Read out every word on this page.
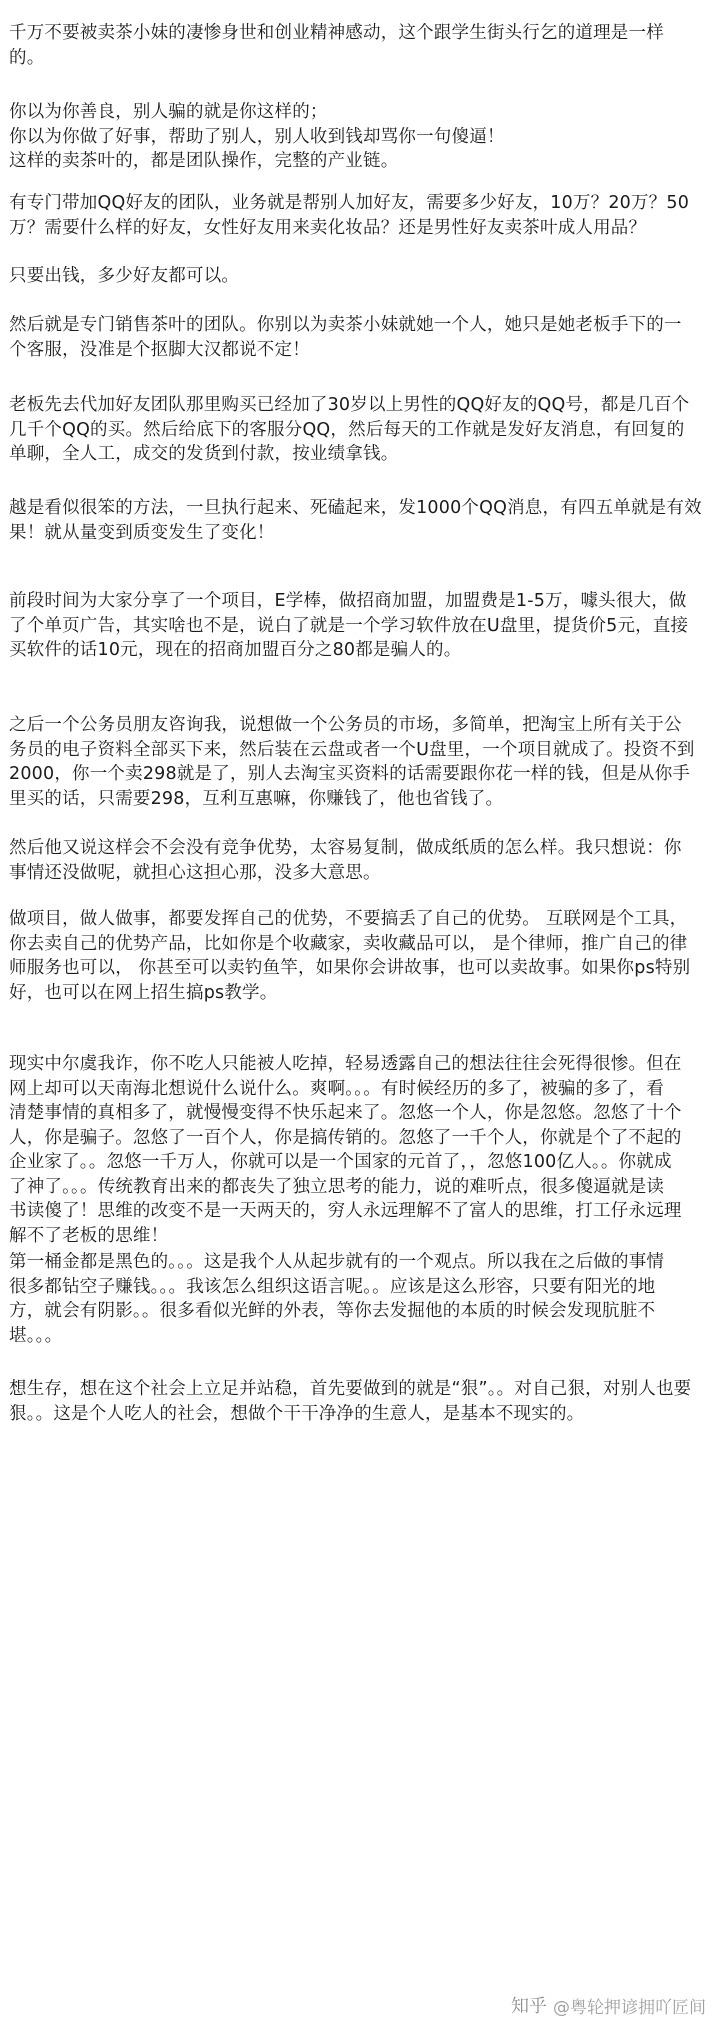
千万不要被卖茶小妹的凄惨身世和创业精神感动，这个跟学生街头行乞的道理是一样
的。
你以为你善良，别人骗的就是你这样的；
你以为你做了好事，帮助了别人，别人收到钱却骂你一句傻逼！
这样的卖茶叶的，都是团队操作，完整的产业链。
有专门带加QQ好友的团队，业务就是帮别人加好友，需要多少好友，10万？20万？50
万？需要什么样的好友，女性好友用来卖化妆品？还是男性好友卖茶叶成人用品？
只要出钱，多少好友都可以。
然后就是专门销售茶叶的团队。你别以为卖茶小妹就她一个人，她只是她老板手下的一
个客服，没准是个抠脚大汉都说不定！
老板先去代加好友团队那里购买已经加了30岁以上男性的QQ好友的QQ号，都是几百个
几千个QQ的买。然后给底下的客服分QQ，然后每天的工作就是发好友消息，有回复的
单聊，全人工，成交的发货到付款，按业绩拿钱。
越是看似很笨的方法，一旦执行起来、死磕起来，发1000个QQ消息，有四五单就是有效
果！就从量变到质变发生了变化！
前段时间为大家分享了一个项目，E学棒，做招商加盟，加盟费是1-5万，噱头很大，做
了个单页广告，其实啥也不是，说白了就是一个学习软件放在U盘里，提货价5元，直接
买软件的话10元，现在的招商加盟百分之80都是骗人的。
之后一个公务员朋友咨询我，说想做一个公务员的市场，多简单，把淘宝上所有关于公
务员的电子资料全部买下来，然后装在云盘或者一个U盘里，一个项目就成了。投资不到
2000，你一个卖298就是了，别人去淘宝买资料的话需要跟你花一样的钱，但是从你手
里买的话，只需要298，互利互惠嘛，你赚钱了，他也省钱了。
然后他又说这样会不会没有竞争优势，太容易复制，做成纸质的怎么样。我只想说：你
事情还没做呢，就担心这担心那，没多大意思。
做项目，做人做事，都要发挥自己的优势，不要搞丢了自己的优势。 互联网是个工具，
你去卖自己的优势产品，比如你是个收藏家，卖收藏品可以， 是个律师，推广自己的律
师服务也可以， 你甚至可以卖钓鱼竿，如果你会讲故事，也可以卖故事。如果你ps特别
好，也可以在网上招生搞ps教学。
现实中尔虞我诈，你不吃人只能被人吃掉，轻易透露自己的想法往往会死得很惨。但在
网上却可以天南海北想说什么说什么。爽啊。。。有时候经历的多了，被骗的多了，看
清楚事情的真相多了，就慢慢变得不快乐起来了。忽悠一个人，你是忽悠。忽悠了十个
人，你是骗子。忽悠了一百个人，你是搞传销的。忽悠了一千个人，你就是个了不起的
企业家了。。忽悠一千万人，你就可以是一个国家的元首了，，忽悠100亿人。。你就成
了神了。。。传统教育出来的都丧失了独立思考的能力，说的难听点，很多傻逼就是读
书读傻了！思维的改变不是一天两天的，穷人永远理解不了富人的思维，打工仔永远理
解不了老板的思维！
第一桶金都是黑色的。。。这是我个人从起步就有的一个观点。所以我在之后做的事情
很多都钻空子赚钱。。。我该怎么组织这语言呢。。应该是这么形容，只要有阳光的地
方，就会有阴影。。很多看似光鲜的外表，等你去发掘他的本质的时候会发现肮脏不
堪。。。
想生存，想在这个社会上立足并站稳，首先要做到的就是“狠”。。对自己狠，对别人也要
狠。。这是个人吃人的社会，想做个干干净净的生意人，是基本不现实的。
知乎 @粤轮押谚拥吖匠间
